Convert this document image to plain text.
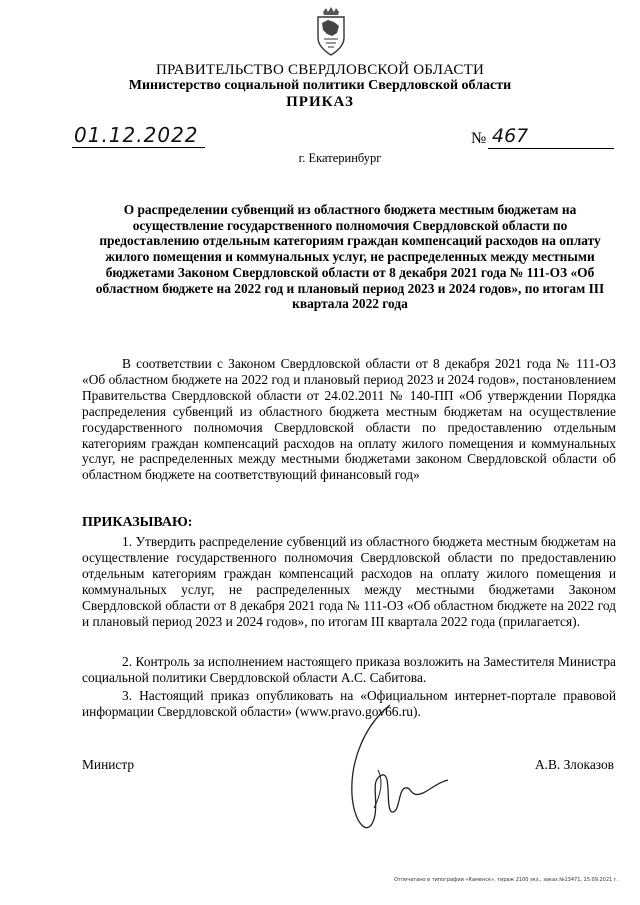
ПРАВИТЕЛЬСТВО СВЕРДЛОВСКОЙ ОБЛАСТИ
Министерство социальной политики Свердловской области
ПРИКАЗ
01.12.2022	№ 467
г. Екатеринбург
О распределении субвенций из областного бюджета местным бюджетам на осуществление государственного полномочия Свердловской области по предоставлению отдельным категориям граждан компенсаций расходов на оплату жилого помещения и коммунальных услуг, не распределенных между местными бюджетами Законом Свердловской области от 8 декабря 2021 года № 111-ОЗ «Об областном бюджете на 2022 год и плановый период 2023 и 2024 годов», по итогам III квартала 2022 года
В соответствии с Законом Свердловской области от 8 декабря 2021 года № 111-ОЗ «Об областном бюджете на 2022 год и плановый период 2023 и 2024 годов», постановлением Правительства Свердловской области от 24.02.2011 № 140-ПП «Об утверждении Порядка распределения субвенций из областного бюджета местным бюджетам на осуществление государственного полномочия Свердловской области по предоставлению отдельным категориям граждан компенсаций расходов на оплату жилого помещения и коммунальных услуг, не распределенных между местными бюджетами законом Свердловской области об областном бюджете на соответствующий финансовый год»
ПРИКАЗЫВАЮ:
1. Утвердить распределение субвенций из областного бюджета местным бюджетам на осуществление государственного полномочия Свердловской области по предоставлению отдельным категориям граждан компенсаций расходов на оплату жилого помещения и коммунальных услуг, не распределенных между местными бюджетами Законом Свердловской области от 8 декабря 2021 года № 111-ОЗ «Об областном бюджете на 2022 год и плановый период 2023 и 2024 годов», по итогам III квартала 2022 года (прилагается).
2. Контроль за исполнением настоящего приказа возложить на Заместителя Министра социальной политики Свердловской области А.С. Сабитова.
3. Настоящий приказ опубликовать на «Официальном интернет-портале правовой информации Свердловской области» (www.pravo.gov66.ru).
Министр	А.В. Злоказов
Отпечатано в типографии «Каменск», тираж 2100 экз., заказ №13471, 15.09.2021 г.
